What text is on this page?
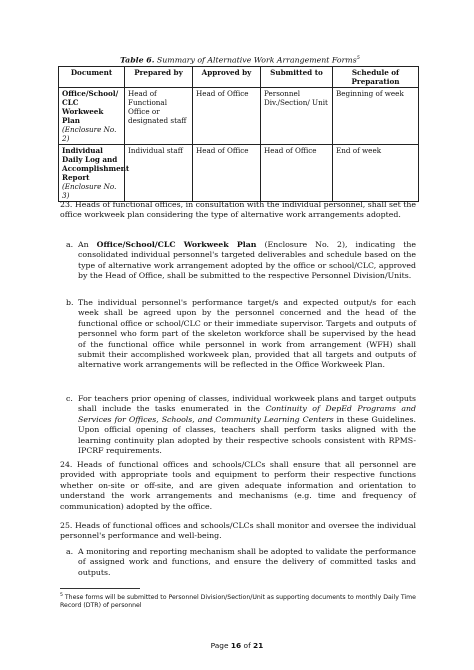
Table 6. Summary of Alternative Work Arrangement Forms$^5$
Document	Prepared by	Approved by	Submitted to	Schedule of Preparation
Office/School/ CLC Workweek Plan
(Enclosure No. 2)	Head of Functional Office or designated staff	Head of Office	Personnel Div./Section/ Unit	Beginning of week
Individual Daily Log and Accomplishment Report
(Enclosure No. 3)	Individual staff	Head of Office	Head of Office	End of week
23. Heads of functional offices, in consultation with the individual personnel, shall set the office workweek plan considering the type of alternative work arrangements adopted.
a. An Office/School/CLC Workweek Plan (Enclosure No. 2), indicating the consolidated individual personnel's targeted deliverables and schedule based on the type of alternative work arrangement adopted by the office or school/CLC, approved by the Head of Office, shall be submitted to the respective Personnel Division/Units.
b. The individual personnel's performance target/s and expected output/s for each week shall be agreed upon by the personnel concerned and the head of the functional office or school/CLC or their immediate supervisor. Targets and outputs of personnel who form part of the skeleton workforce shall be supervised by the head of the functional office while personnel in work from arrangement (WFH) shall submit their accomplished workweek plan, provided that all targets and outputs of alternative work arrangements will be reflected in the Office Workweek Plan.
c. For teachers prior opening of classes, individual workweek plans and target outputs shall include the tasks enumerated in the Continuity of DepEd Programs and Services for Offices, Schools, and Community Learning Centers in these Guidelines. Upon official opening of classes, teachers shall perform tasks aligned with the learning continuity plan adopted by their respective schools consistent with RPMS-IPCRF requirements.
24. Heads of functional offices and schools/CLCs shall ensure that all personnel are provided with appropriate tools and equipment to perform their respective functions whether on-site or off-site, and are given adequate information and orientation to understand the work arrangements and mechanisms (e.g. time and frequency of communication) adopted by the office.
25. Heads of functional offices and schools/CLCs shall monitor and oversee the individual personnel's performance and well-being.
a. A monitoring and reporting mechanism shall be adopted to validate the performance of assigned work and functions, and ensure the delivery of committed tasks and outputs.
$^5$ These forms will be submitted to Personnel Division/Section/Unit as supporting documents to monthly Daily Time Record (DTR) of personnel
Page 16 of 21
